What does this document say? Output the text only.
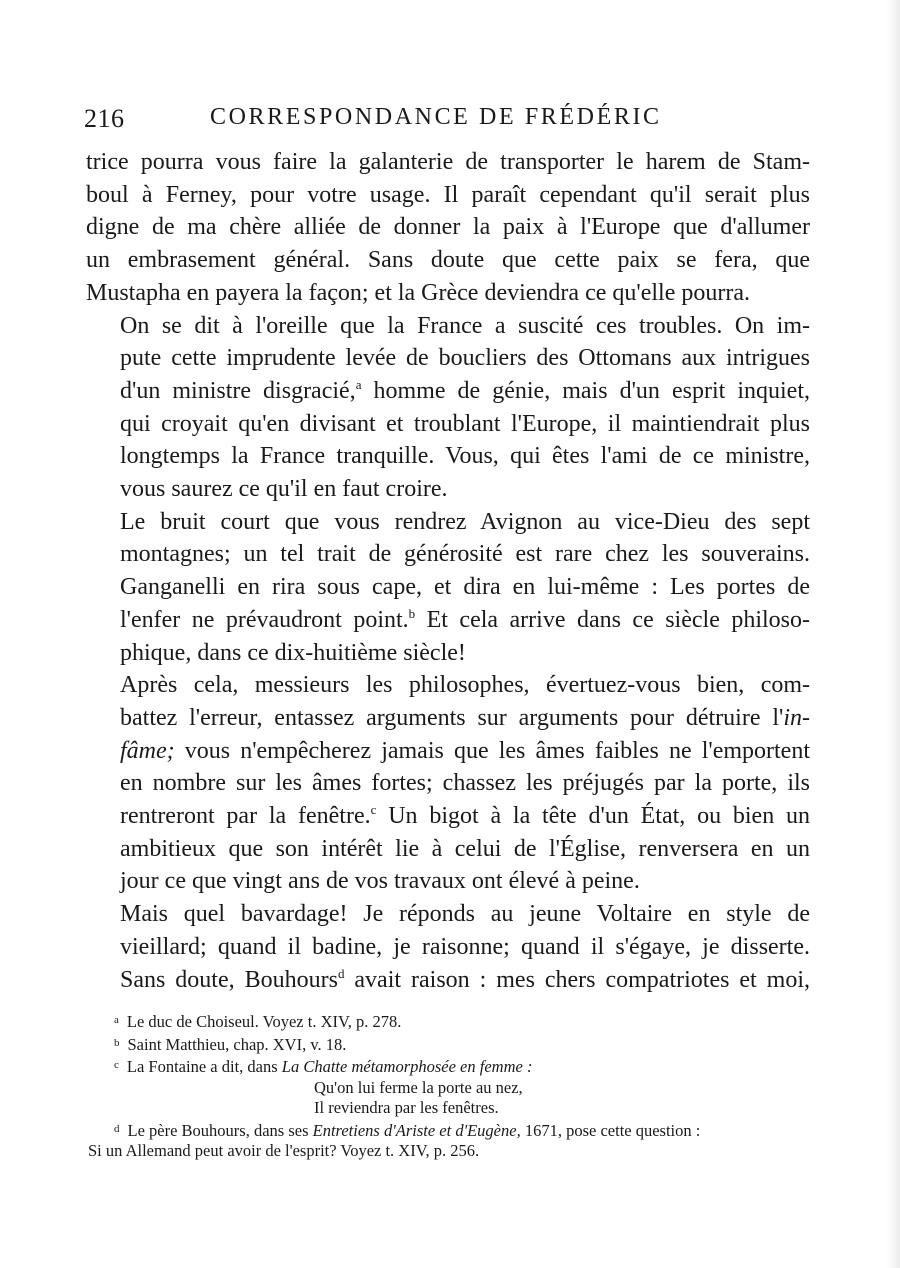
216	CORRESPONDANCE DE FRÉDÉRIC

trice pourra vous faire la galanterie de transporter le harem de Stam-
boul à Ferney, pour votre usage. Il paraît cependant qu'il serait plus
digne de ma chère alliée de donner la paix à l'Europe que d'allumer
un embrasement général. Sans doute que cette paix se fera, que
Mustapha en payera la façon; et la Grèce deviendra ce qu'elle pourra.

On se dit à l'oreille que la France a suscité ces troubles. On im-
pute cette imprudente levée de boucliers des Ottomans aux intrigues
d'un ministre disgracié,$^a$ homme de génie, mais d'un esprit inquiet,
qui croyait qu'en divisant et troublant l'Europe, il maintiendrait plus
longtemps la France tranquille. Vous, qui êtes l'ami de ce ministre,
vous saurez ce qu'il en faut croire.

Le bruit court que vous rendrez Avignon au vice-Dieu des sept
montagnes; un tel trait de générosité est rare chez les souverains.
Ganganelli en rira sous cape, et dira en lui-même : Les portes de
l'enfer ne prévaudront point.$^b$ Et cela arrive dans ce siècle philoso-
phique, dans ce dix-huitième siècle!

Après cela, messieurs les philosophes, évertuez-vous bien, com-
battez l'erreur, entassez arguments sur arguments pour détruire l'in-
fâme; vous n'empêcherez jamais que les âmes faibles ne l'emportent
en nombre sur les âmes fortes; chassez les préjugés par la porte, ils
rentreront par la fenêtre.$^c$ Un bigot à la tête d'un État, ou bien un
ambitieux que son intérêt lie à celui de l'Église, renversera en un
jour ce que vingt ans de vos travaux ont élevé à peine.

Mais quel bavardage! Je réponds au jeune Voltaire en style de
vieillard; quand il badine, je raisonne; quand il s'égaye, je disserte.
Sans doute, Bouhours$^d$ avait raison : mes chers compatriotes et moi,

$^a$ Le duc de Choiseul. Voyez t. XIV, p. 278.
$^b$ Saint Matthieu, chap. XVI, v. 18.
$^c$ La Fontaine a dit, dans La Chatte métamorphosée en femme :
Qu'on lui ferme la porte au nez,
Il reviendra par les fenêtres.
$^d$ Le père Bouhours, dans ses Entretiens d'Ariste et d'Eugène, 1671, pose cette question :
Si un Allemand peut avoir de l'esprit? Voyez t. XIV, p. 256.
